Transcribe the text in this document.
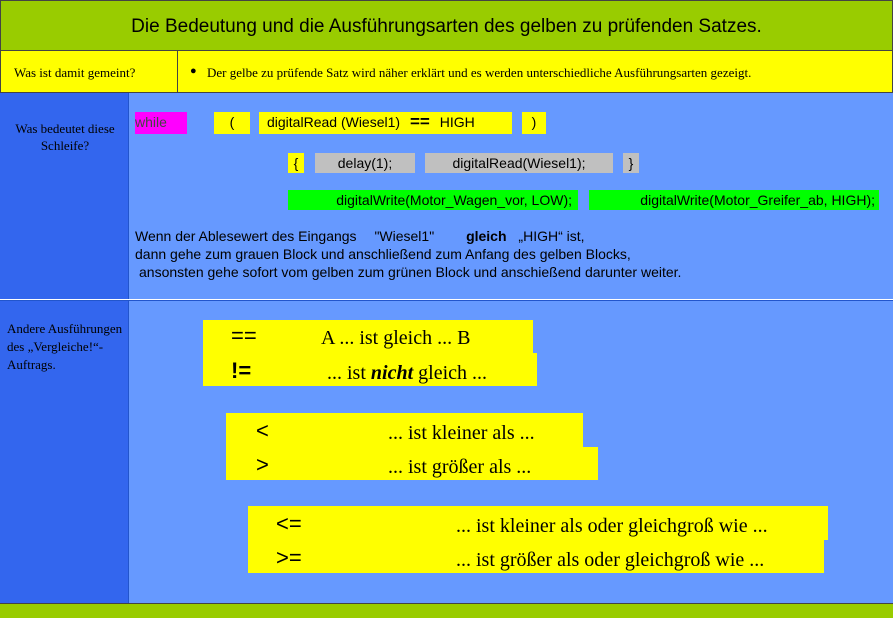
Die Bedeutung und die Ausführungsarten des gelben zu prüfenden Satzes.
Was ist damit gemeint?	● Der gelbe zu prüfende Satz wird näher erklärt und es werden unterschiedliche Ausführungsarten gezeigt.
Was bedeutet diese Schleife?
while	(	digitalRead (Wiesel1) == HIGH	)
{	delay(1);	digitalRead(Wiesel1);	}
digitalWrite(Motor_Wagen_vor, LOW);	digitalWrite(Motor_Greifer_ab, HIGH);
Wenn der Ablesewert des Eingangs "Wiesel1" gleich „HIGH“ ist,
dann gehe zum grauen Block und anschließend zum Anfang des gelben Blocks,
ansonsten gehe sofort vom gelben zum grünen Block und anschießend darunter weiter.
Andere Ausführungen des „Vergleiche!“-Auftrags.
==	A ... ist gleich ... B
!=	... ist nicht gleich ...
<	... ist kleiner als ...
>	... ist größer als ...
<=	... ist kleiner als oder gleichgroß wie ...
>=	... ist größer als oder gleichgroß wie ...
